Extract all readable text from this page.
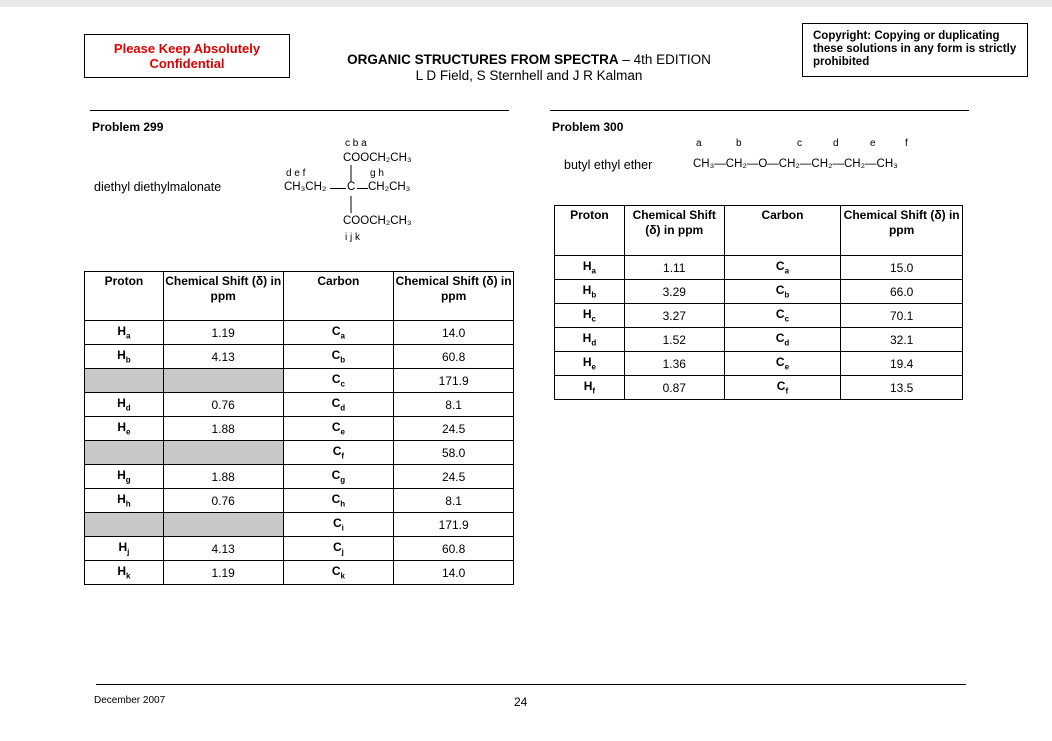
Please Keep Absolutely Confidential	ORGANIC STRUCTURES FROM SPECTRA – 4th EDITION
L D Field, S Sternhell and J R Kalman
Copyright: Copying or duplicating these solutions in any form is strictly prohibited
Problem 299
diethyl diethylmalonate
c b a
COOCH₂CH₃
d e f	g h
CH₃CH₂ C CH₂CH₃
COOCH₂CH₃
i j k
Proton	Chemical Shift (δ) in ppm	Carbon	Chemical Shift (δ) in ppm
$H_a$	1.19	$C_a$	14.0
$H_b$	4.13	$C_b$	60.8
		$C_c$	171.9
$H_d$	0.76	$C_d$	8.1
$H_e$	1.88	$C_e$	24.5
		$C_f$	58.0
$H_g$	1.88	$C_g$	24.5
$H_h$	0.76	$C_h$	8.1
		$C_i$	171.9
$H_j$	4.13	$C_j$	60.8
$H_k$	1.19	$C_k$	14.0
Problem 300
butyl ethyl ether
a	b	c	d	e	f
CH₃—CH₂—O—CH₂—CH₂—CH₂—CH₃
Proton	Chemical Shift (δ) in ppm	Carbon	Chemical Shift (δ) in ppm
$H_a$	1.11	$C_a$	15.0
$H_b$	3.29	$C_b$	66.0
$H_c$	3.27	$C_c$	70.1
$H_d$	1.52	$C_d$	32.1
$H_e$	1.36	$C_e$	19.4
$H_f$	0.87	$C_f$	13.5
December 2007	24
